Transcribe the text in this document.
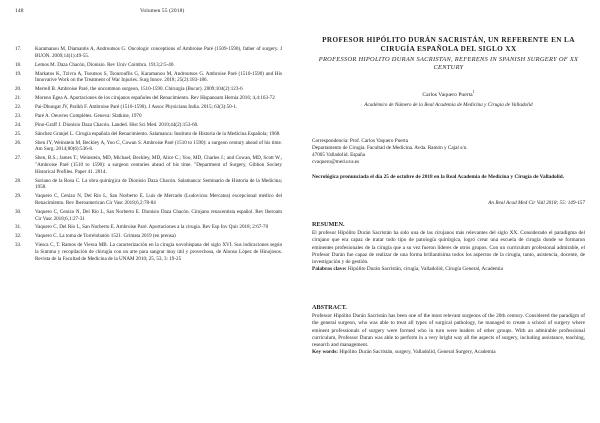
148	Volumen 55 (2018)
17.	Karamanou M, Diamantis A, Androutsos G. Oncologic conceptions of Ambroise Paré (1509-1590), father of surgery. J BUON. 2009;14(1):49-55.
18.	Lemos M. Daza Chacón, Dionisio. Rev Univ Coimbra. 1913;2:5-40.
19.	Markatos K, Tzivra A, Tsoutsos S, Tsourouflis G, Karamanou M, Androutsos G. Ambroise Paré (1510-1590) and His Innovative Work on the Treatment of War Injuries. Surg Innov. 2018; 25(2):183-186.
20.	Merrell B. Ambroise Paré, the uncommon surgeon, 1510-1590. Chirurgia (Bucur). 2009;104(2):123-6
21.	Moreno Egea A. Aportaciones de los cirujanos españoles del Renacimiento. Rev Hispanoam Hernia 2016; 4,4:163-72
22.	Pai-Dhungat JV, Parikh F. Ambroise Paré (1510-1590). J Assoc Physicians India. 2015; 63(3):50-1.
23.	Paré A. Oeuvres Complètes. Geneva: Slatkine, 1970
24.	Pino-Graff J. Dionisio Daza Chacón. Landed. Hist Sci Med. 2010;44(2):153-60.
25.	Sánchez Granjel L. Cirugía española del Renacimiento. Salamanca: Instituto de Historia de la Medicina Española; 1968.
26.	Shen JY, Weinstein M, Beckley A, Yoo C, Cowan S. Ambroise Paré (1510 to 1590): a surgeon century ahead of his time. Am Surg. 2014;80(6):536-8.
27.	Shen, B.S.; James T.; Weinstein, MD, Michael; Beckley, MD, Alice C.; Yoo, MD, Charles J.; and Cowan, MD, Scott W., "Ambroise Paré (1510 to 1590): a surgeon centuries ahead of his time. "Department of Surgery, Gibbon Society Historical Profiles. Paper 41. 2014.
28.	Soriano de la Rosa C. La obra quirúrgica de Dionisio Daza Chacón. Salamanca: Seminario de Historia de la Medicina; 1958.
29.	Vaquero C, Cenizo N, Del Río L, San Norberto E. Luis de Mercado (Ludovicus Mercatus) excepcional médico del Renacimiento. Rev Iberoamerican Cir Vasc 2018;6,2:78-84
30.	Vaquero C, Cenizo N, Del Río L, San Norberto E. Dionisio Daza Chacón. Cirujano renacentista español. Rev Iberoam Cir Vasc 2018;6,1:27-31
31.	Vaquero C, Del Río L, San Norberto E. Ambroise Paré. Aportaciones a la cirugía. Rev Esp Inv Quir 2018; 2:67-70
32.	Vaquero C. La toma de Torrelobatón 1521. Grimata 2019 (en prensa)
33.	Viesca C, T. Ramos de Viesca MB. La caracterización en la cirugía novohispana del siglo XVI. Sus indicaciones según la Summa y recopilación de chirugía con un arte para sangrar muy útil y provechosa, de Alonso López de Hinojosos. Revista de la Facultad de Medicina de la UNAM 2010; 25, 53, 3: 19-25
PROFESOR HIPÓLITO DURÁN SACRISTÁN, UN REFERENTE EN LA CIRUGÍA ESPAÑOLA DEL SIGLO XX
PROFESSOR HIPOLITO DURAN SACRISTAN, REFERENS IN SPANISH SURGERY OF XX CENTURY
Carlos Vaquero Puerta$^1$
Académico de Número de la Real Academia de Medicina y Cirugía de Valladolid
Correspondencia: Prof. Carlos Vaquero Puerta
Departamento de Cirugía. Facultad de Medicina. Avda. Ramón y Cajal s/n.
47005 Valladolid. España
cvaquero@med.uva.es
Necrológica pronunciada el día 25 de octubre de 2018 en la Real Academia de Medicina y Cirugía de Valladolid.
An Real Acad Med Cir Vall 2018; 55: 149-157
RESUMEN.
El profesor Hipólito Durán Sacristán ha sido una de las cirujanos más relevantes del siglo XX. Considerado el paradigma del cirujano que era capaz de tratar todo tipo de patología quirúrgica, logró crear una escuela de cirugía donde se formaron eminentes profesionales de la cirugía que a su vez fueron líderes de otros grupos. Con un curriculum profesional admirable, el Profesor Durán fue capaz de realizar de una forma brillantísima todos los aspectos de la cirugía, tanto, asistencia, docente, de investigación y de gestión.
Palabras clave: Hipólito Durán Sacristán, cirugía, Valladolid, Cirugía General, Academia
ABSTRACT.
Professor Hipólito Durán Sacristán has been one of the most relevant surgeons of the 20th century. Considered the paradigm of the general surgeon, who was able to treat all types of surgical pathology, he managed to create a school of surgery where eminent professionals of surgery were formed who in turn were leaders of other groups. With an admirable professional curriculum, Professor Duran was able to perform in a very bright way all the aspects of surgery, including assistance, teaching, research and management.
Key words: Hipólito Durán Sacristán, surgery, Valladolid, General Surgery, Academia
